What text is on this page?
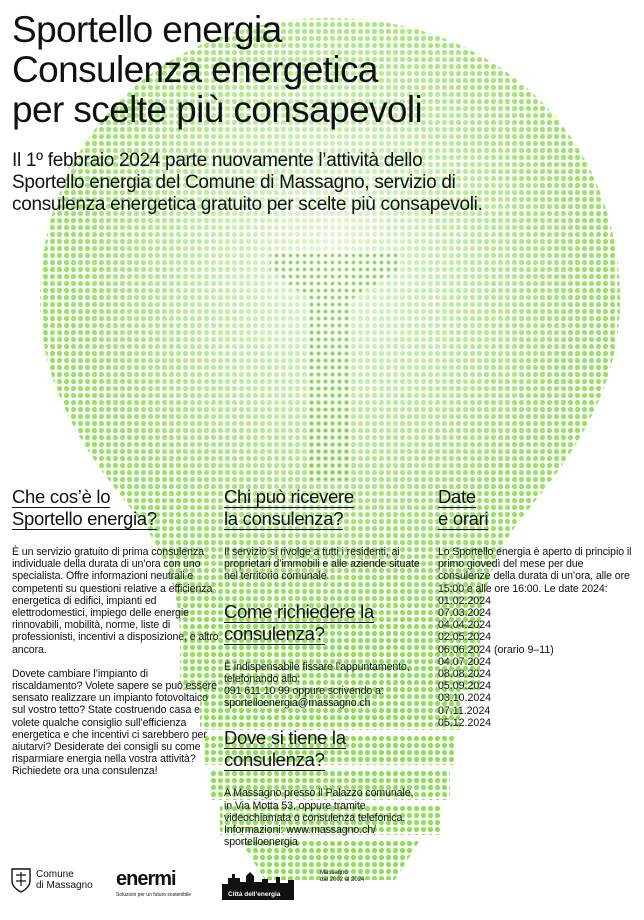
Sportello energia
Consulenza energetica
per scelte più consapevoli
Il 1º febbraio 2024 parte nuovamente l’attività dello Sportello energia del Comune di Massagno, servizio di consulenza energetica gratuito per scelte più consapevoli.
Che cos’è lo
Sportello energia?

È un servizio gratuito di prima consulenza individuale della durata di un’ora con uno specialista. Offre informazioni neutrali e competenti su questioni relative a efficienza energetica di edifici, impianti ed elettrodomestici, impiego delle energie rinnovabili, mobilità, norme, liste di professionisti, incentivi a disposizione, e altro ancora.

Dovete cambiare l’impianto di riscaldamento? Volete sapere se può essere sensato realizzare un impianto fotovoltaico sul vostro tetto? State costruendo casa e volete qualche consiglio sull’efficienza energetica e che incentivi ci sarebbero per aiutarvi? Desiderate dei consigli su come risparmiare energia nella vostra attività? Richiedete ora una consulenza!

Chi può ricevere
la consulenza?

Il servizio si rivolge a tutti i residenti, ai proprietari d’immobili e alle aziende situate nel territorio comunale.

Come richiedere la
consulenza?

È indispensabile fissare l’appuntamento, telefonando allo:
091 611 10 99 oppure scrivendo a:
sportelloenergia@massagno.ch

Dove si tiene la
consulenza?

A Massagno presso il Palazzo comunale, in Via Motta 53, oppure tramite videochiamata o consulenza telefonica.
Informazioni: www.massagno.ch/
sportelloenergia

Date
e orari

Lo Sportello energia è aperto di principio il primo giovedì del mese per due consulenze della durata di un’ora, alle ore 15:00 e alle ore 16:00. Le date 2024:

01.02.2024
07.03.2024
04.04.2024
02.05.2024
06.06.2024 (orario 9–11)
04.07.2024
08.08.2024
05.09.2024
03.10.2024
07.11.2024
05.12.2024
Comune
di Massagno enermi
Soluzioni per un futuro sostenibile	Città dell’energia
Massagno
dal 2002 al 2024
